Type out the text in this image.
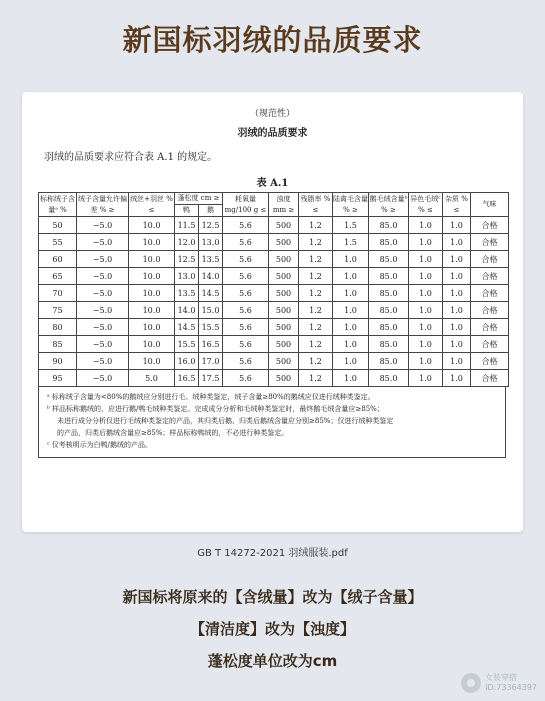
新国标羽绒的品质要求
（规范性）
羽绒的品质要求
羽绒的品质要求应符合表 A.1 的规定。
表 A.1
标称绒子含量ᵃ %	绒子含量允许偏差 % ≥	绒丝+羽丝 % ≤	蓬松度 cm ≥		耗氧量 mg/100 g ≤	浊度 mm ≥	残脂率 % ≤	陆禽毛含量 % ≥	鹅毛绒含量ᵇ % ≥	异色毛绒ᶜ % ≤	杂质 % ≤	气味
			鸭	鹅								
50	−5.0	10.0	11.5	12.5	5.6	500	1.2	1.5	85.0	1.0	1.0	合格
55	−5.0	10.0	12.0	13.0	5.6	500	1.2	1.5	85.0	1.0	1.0	合格
60	−5.0	10.0	12.5	13.5	5.6	500	1.2	1.0	85.0	1.0	1.0	合格
65	−5.0	10.0	13.0	14.0	5.6	500	1.2	1.0	85.0	1.0	1.0	合格
70	−5.0	10.0	13.5	14.5	5.6	500	1.2	1.0	85.0	1.0	1.0	合格
75	−5.0	10.0	14.0	15.0	5.6	500	1.2	1.0	85.0	1.0	1.0	合格
80	−5.0	10.0	14.5	15.5	5.6	500	1.2	1.0	85.0	1.0	1.0	合格
85	−5.0	10.0	15.5	16.5	5.6	500	1.2	1.0	85.0	1.0	1.0	合格
90	−5.0	10.0	16.0	17.0	5.6	500	1.2	1.0	85.0	1.0	1.0	合格
95	−5.0	5.0	16.5	17.5	5.6	500	1.2	1.0	85.0	1.0	1.0	合格

ᵃ 标称绒子含量为<80%的鹅绒应分别进行毛、绒种类鉴定，绒子含量≥80%的鹅绒应仅进行绒种类鉴定。

ᵇ 样品标称鹅绒的，应进行鹅/鸭毛绒种类鉴定。完成成分分析和毛绒种类鉴定时，最终鹅毛绒含量应≥85%；

未进行成分分析仅进行毛绒种类鉴定的产品，其归类后鹅、归类后鹅绒含量应分别≥85%；仅进行绒种类鉴定

的产品，归类后鹅绒含量应≥85%；样品标称鸭绒的，不必进行种类鉴定。

ᶜ 仅考核明示为白鸭/鹅绒的产品。

GB T 14272-2021 羽绒服装.pdf
新国标将原来的【含绒量】改为【绒子含量】
【清洁度】改为【浊度】
蓬松度单位改为cm
女装穿搭
ID:73364397
